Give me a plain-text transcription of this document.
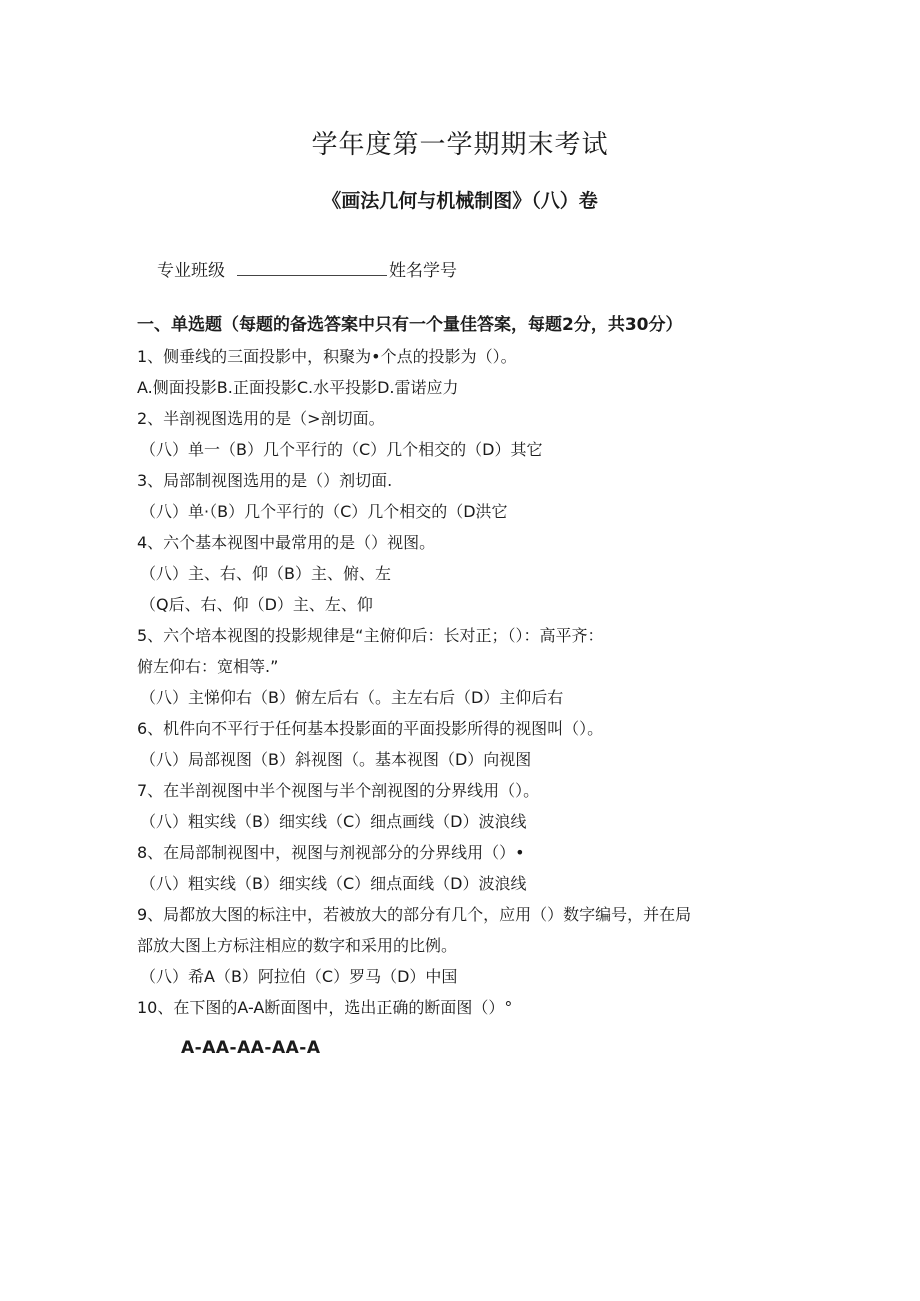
学年度第一学期期末考试
《画法几何与机械制图》（八）卷
专业班级	姓名学号
一、单选题（每题的备选答案中只有一个量佳答案，每题2分，共30分）
1、侧垂线的三面投影中，积聚为•个点的投影为（）。
A.侧面投影B.正面投影C.水平投影D.雷诺应力
2、半剖视图选用的是（>剖切面。
（八）单一（B）几个平行的（C）几个相交的（D）其它
3、局部制视图选用的是（）剂切面.
（八）单·（B）几个平行的（C）几个相交的（D洪它
4、六个基本视图中最常用的是（）视图。
（八）主、右、仰（B）主、俯、左
（Q后、右、仰（D）主、左、仰
5、六个培本视图的投影规律是“主俯仰后：长对正；（）：高平齐：
俯左仰右：宽相等.”
（八）主悌仰右（B）俯左后右（。主左右后（D）主仰后右
6、机件向不平行于任何基本投影面的平面投影所得的视图叫（）。
（八）局部视图（B）斜视图（。基本视图（D）向视图
7、在半剖视图中半个视图与半个剖视图的分界线用（）。
（八）粗实线（B）细实线（C）细点画线（D）波浪线
8、在局部制视图中，视图与剂视部分的分界线用（）•
（八）粗实线（B）细实线（C）细点面线（D）波浪线
9、局都放大图的标注中，若被放大的部分有几个，应用（）数字编号，并在局
部放大图上方标注相应的数字和采用的比例。
（八）希A（B）阿拉伯（C）罗马（D）中国
10、在下图的A-A断面图中，选出正确的断面图（）°
A-AA-AA-AA-A
